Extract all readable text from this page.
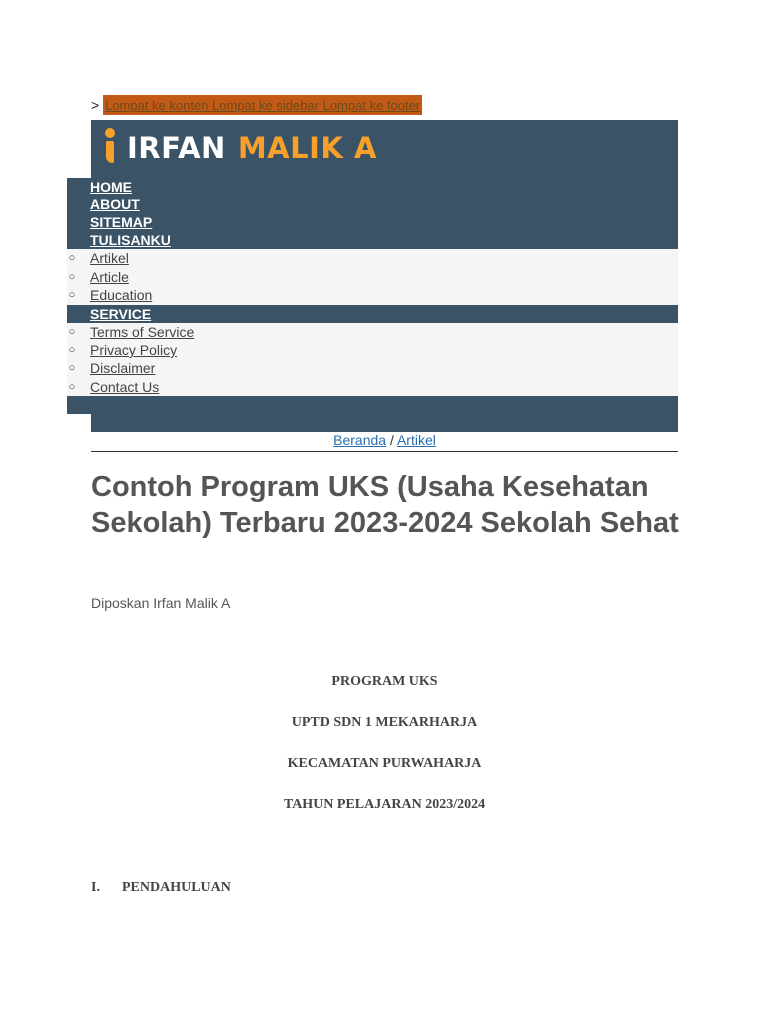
> Lompat ke konten Lompat ke sidebar Lompat ke footer
IRFAN MALIK A
■ HOME
■ ABOUT
■ SITEMAP
■ TULISANKU
○ Artikel
○ Article
○ Education
■ SERVICE
○ Terms of Service
○ Privacy Policy
○ Disclaimer
○ Contact Us
Beranda / Artikel
Contoh Program UKS (Usaha Kesehatan Sekolah) Terbaru 2023-2024 Sekolah Sehat
Diposkan Irfan Malik A
PROGRAM UKS
UPTD SDN 1 MEKARHARJA
KECAMATAN PURWAHARJA
TAHUN PELAJARAN 2023/2024
I. PENDAHULUAN
